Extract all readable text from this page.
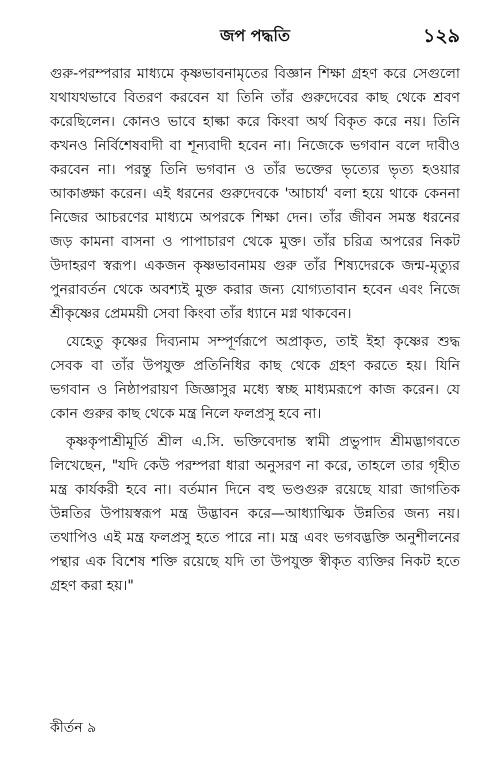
জপ পদ্ধতি	১২৯

গুরু-পরম্পরার মাধ্যমে কৃষ্ণভাবনামৃতের বিজ্ঞান শিক্ষা গ্রহণ করে সেগুলো যথাযথভাবে বিতরণ করবেন যা তিনি তাঁর গুরুদেবের কাছ থেকে শ্রবণ করেছিলেন। কোনও ভাবে হাল্কা করে কিংবা অর্থ বিকৃত করে নয়। তিনি কখনও নির্বিশেষবাদী বা শূন্যবাদী হবেন না। নিজেকে ভগবান বলে দাবীও করবেন না। পরন্তু তিনি ভগবান ও তাঁর ভক্তের ভৃত্যের ভৃত্য হওয়ার আকাঙ্ক্ষা করেন। এই ধরনের গুরুদেবকে 'আচার্য' বলা হয়ে থাকে কেননা নিজের আচরণের মাধ্যমে অপরকে শিক্ষা দেন। তাঁর জীবন সমস্ত ধরনের জড় কামনা বাসনা ও পাপাচারণ থেকে মুক্ত। তাঁর চরিত্র অপরের নিকট উদাহরণ স্বরূপ। একজন কৃষ্ণভাবনাময় গুরু তাঁর শিষ্যদেরকে জন্ম-মৃত্যুর পুনরাবর্তন থেকে অবশ্যই মুক্ত করার জন্য যোগ্যতাবান হবেন এবং নিজে শ্রীকৃষ্ণের প্রেমময়ী সেবা কিংবা তাঁর ধ্যানে মগ্ন থাকবেন।

যেহেতু কৃষ্ণের দিব্যনাম সম্পূর্ণরূপে অপ্রাকৃত, তাই ইহা কৃষ্ণের শুদ্ধ সেবক বা তাঁর উপযুক্ত প্রতিনিধির কাছ থেকে গ্রহণ করতে হয়। যিনি ভগবান ও নিষ্ঠাপরায়ণ জিজ্ঞাসুর মধ্যে স্বচ্ছ মাধ্যমরূপে কাজ করেন। যে কোন গুরুর কাছ থেকে মন্ত্র নিলে ফলপ্রসু হবে না।

কৃষ্ণকৃপাশ্রীমূর্তি শ্রীল এ.সি. ভক্তিবেদান্ত স্বামী প্রভুপাদ শ্রীমদ্ভাগবতে লিখেছেন, "যদি কেউ পরম্পরা ধারা অনুসরণ না করে, তাহলে তার গৃহীত মন্ত্র কার্যকরী হবে না। বর্তমান দিনে বহু ভণ্ডগুরু রয়েছে যারা জাগতিক উন্নতির উপায়স্বরূপ মন্ত্র উদ্ভাবন করে—আধ্যাত্মিক উন্নতির জন্য নয়। তথাপিও এই মন্ত্র ফলপ্রসু হতে পারে না। মন্ত্র এবং ভগবদ্ভক্তি অনুশীলনের পন্থার এক বিশেষ শক্তি রয়েছে যদি তা উপযুক্ত স্বীকৃত ব্যক্তির নিকট হতে গ্রহণ করা হয়।"

কীর্তন ৯
